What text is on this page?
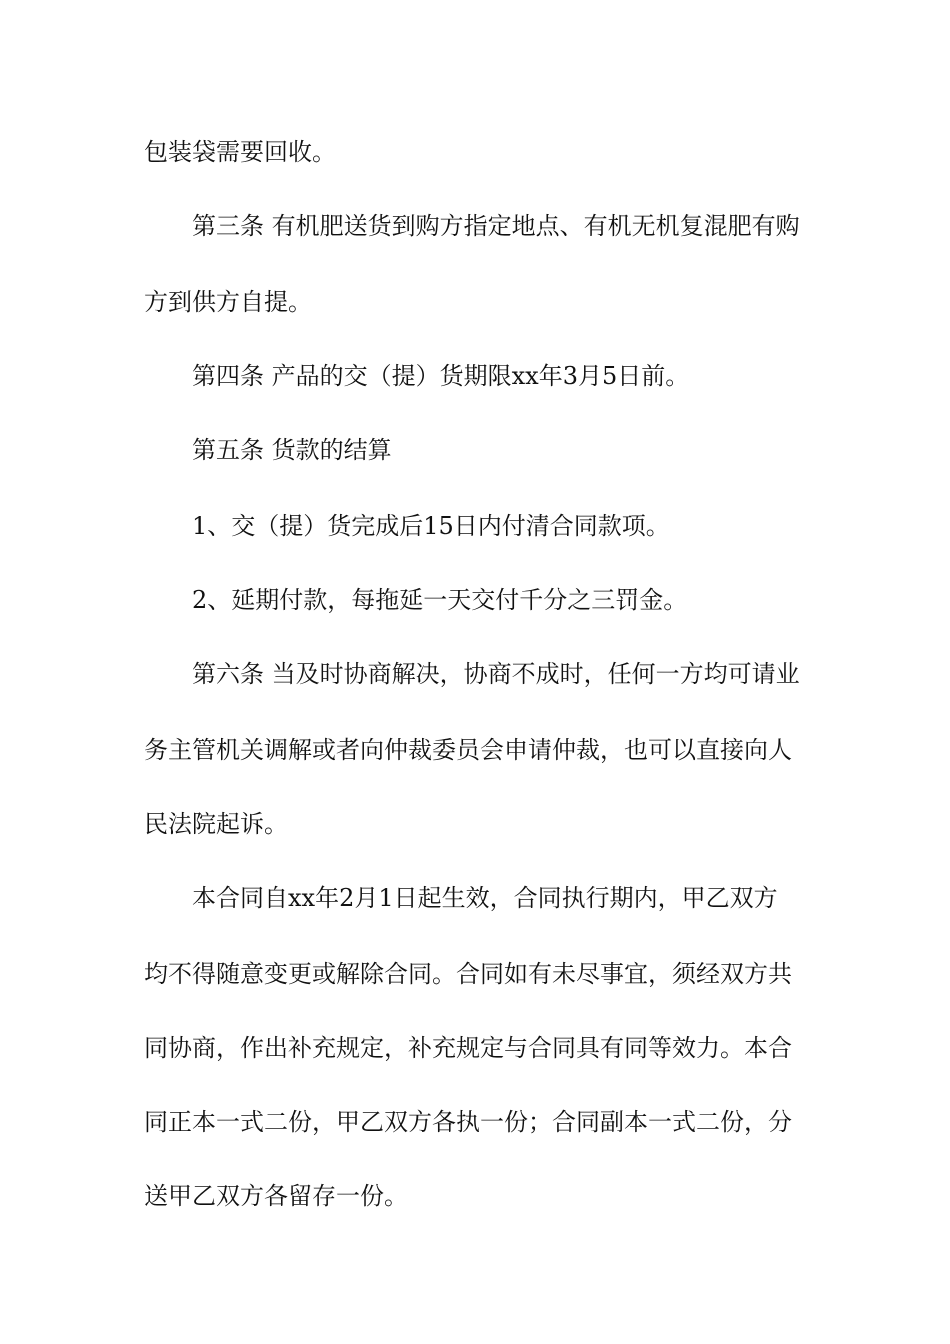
包装袋需要回收。
第三条 有机肥送货到购方指定地点、有机无机复混肥有购
方到供方自提。
第四条 产品的交（提）货期限xx年3月5日前。
第五条 货款的结算
1、交（提）货完成后15日内付清合同款项。
2、延期付款，每拖延一天交付千分之三罚金。
第六条 当及时协商解决，协商不成时，任何一方均可请业
务主管机关调解或者向仲裁委员会申请仲裁，也可以直接向人
民法院起诉。
本合同自xx年2月1日起生效，合同执行期内，甲乙双方
均不得随意变更或解除合同。合同如有未尽事宜，须经双方共
同协商，作出补充规定，补充规定与合同具有同等效力。本合
同正本一式二份，甲乙双方各执一份；合同副本一式二份，分
送甲乙双方各留存一份。
